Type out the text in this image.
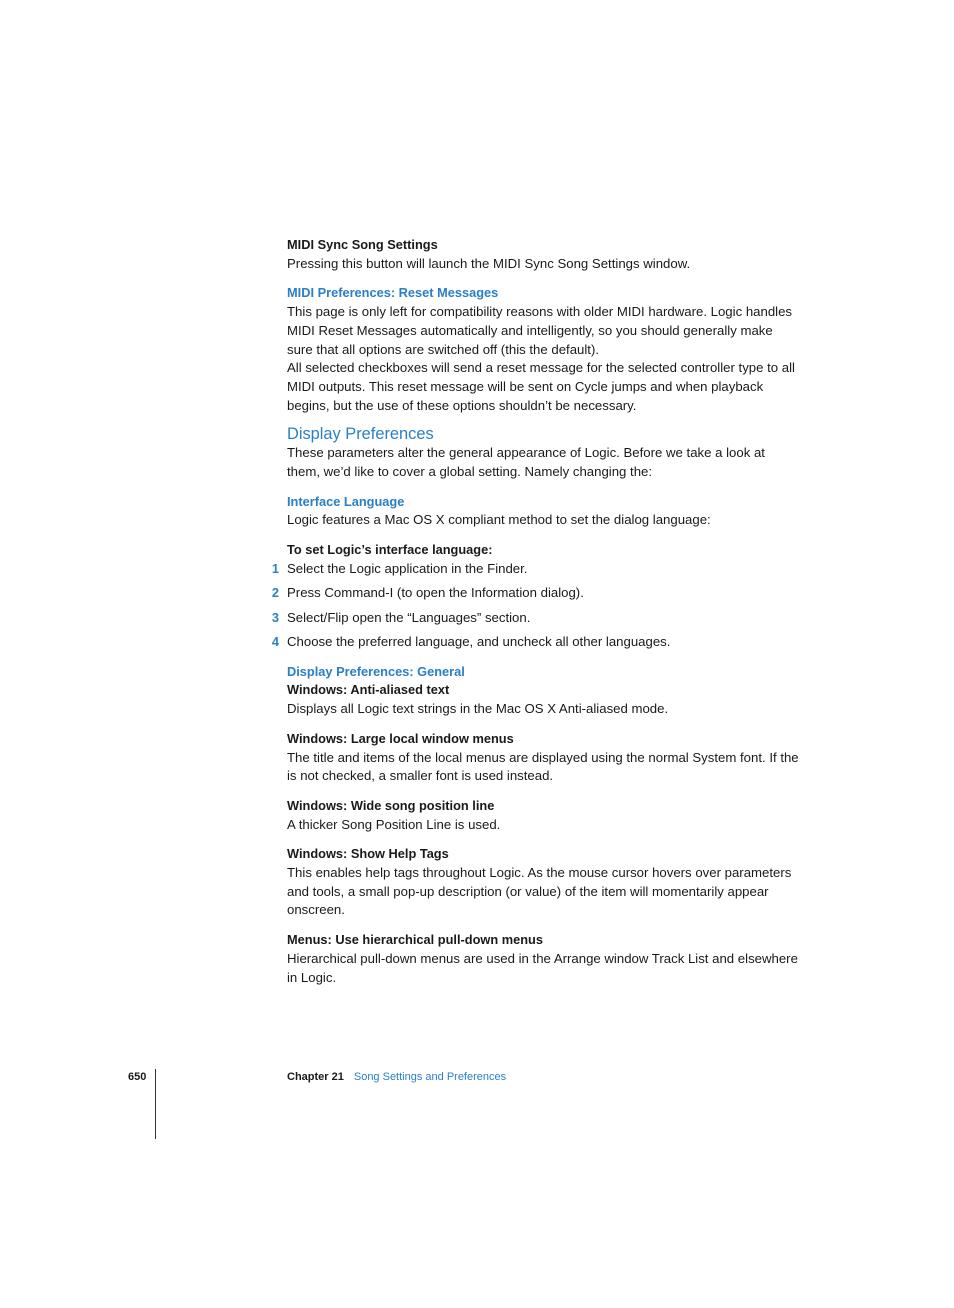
MIDI Sync Song Settings

Pressing this button will launch the MIDI Sync Song Settings window.

MIDI Preferences: Reset Messages

This page is only left for compatibility reasons with older MIDI hardware. Logic handles MIDI Reset Messages automatically and intelligently, so you should generally make sure that all options are switched off (this the default).

All selected checkboxes will send a reset message for the selected controller type to all MIDI outputs. This reset message will be sent on Cycle jumps and when playback begins, but the use of these options shouldn’t be necessary.

Display Preferences

These parameters alter the general appearance of Logic. Before we take a look at them, we’d like to cover a global setting. Namely changing the:

Interface Language

Logic features a Mac OS X compliant method to set the dialog language:

To set Logic’s interface language:

1 Select the Logic application in the Finder.
2 Press Command-I (to open the Information dialog).
3 Select/Flip open the “Languages” section.
4 Choose the preferred language, and uncheck all other languages.

Display Preferences: General

Windows: Anti-aliased text

Displays all Logic text strings in the Mac OS X Anti-aliased mode.

Windows: Large local window menus

The title and items of the local menus are displayed using the normal System font. If the is not checked, a smaller font is used instead.

Windows: Wide song position line

A thicker Song Position Line is used.

Windows: Show Help Tags

This enables help tags throughout Logic. As the mouse cursor hovers over parameters and tools, a small pop-up description (or value) of the item will momentarily appear onscreen.

Menus: Use hierarchical pull-down menus

Hierarchical pull-down menus are used in the Arrange window Track List and elsewhere in Logic.

650	Chapter 21 Song Settings and Preferences
